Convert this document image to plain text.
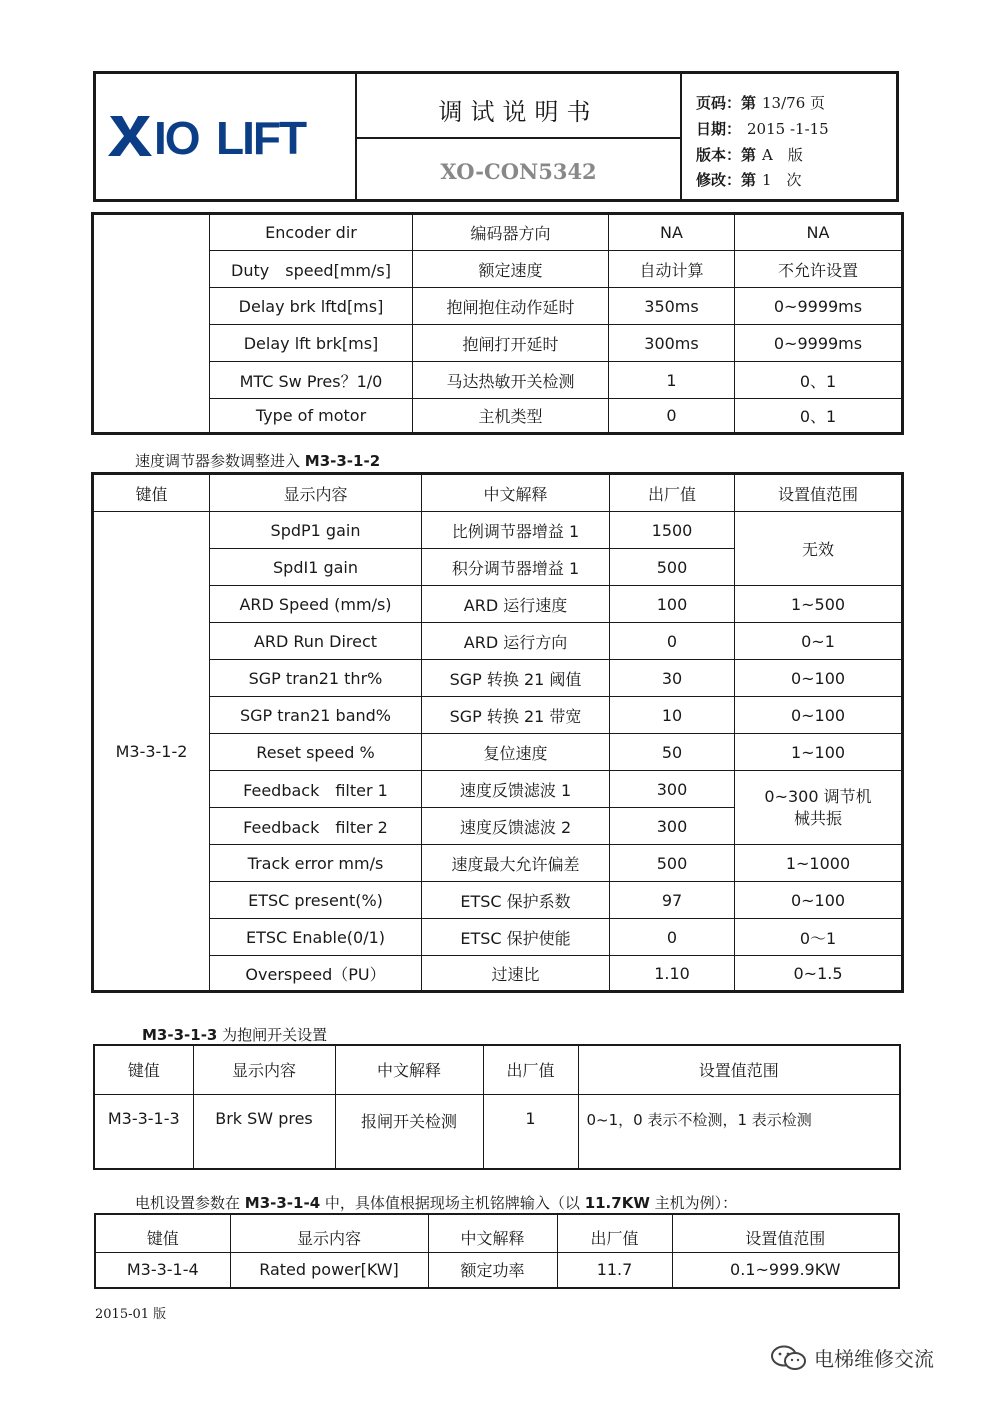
IO LIFT	调试说明书
XO-CON5342
页码：第 13/76 页
日期： 2015 -1-15
版本：第 A　版
修改：第 1　次
	Encoder dir	编码器方向	NA	NA
	Duty　speed[mm/s]	额定速度	自动计算	不允许设置
	Delay brk lftd[ms]	抱闸抱住动作延时	350ms	0~9999ms
	Delay lft brk[ms]	抱闸打开延时	300ms	0~9999ms
	MTC Sw Pres？1/0	马达热敏开关检测	1	0、1
	Type of motor	主机类型	0	0、1
速度调节器参数调整进入 M3-3-1-2
键值	显示内容	中文解释	出厂值	设置值范围
M3-3-1-2	SpdP1 gain	比例调节器增益 1	1500	无效
	SpdI1 gain	积分调节器增益 1	500	
	ARD Speed (mm/s)	ARD 运行速度	100	1~500
	ARD Run Direct	ARD 运行方向	0	0~1
	SGP tran21 thr%	SGP 转换 21 阈值	30	0~100
	SGP tran21 band%	SGP 转换 21 带宽	10	0~100
	Reset speed %	复位速度	50	1~100
	Feedback　filter 1	速度反馈滤波 1	300	0~300 调节机
械共振

	Feedback　filter 2	速度反馈滤波 2	300	
	Track error mm/s	速度最大允许偏差	500	1~1000
	ETSC present(%)	ETSC 保护系数	97	0~100
	ETSC Enable(0/1)	ETSC 保护使能	0	0～1
	Overspeed（PU）	过速比	1.10	0~1.5
M3-3-1-3 为抱闸开关设置
键值	显示内容	中文解释	出厂值	设置值范围
M3-3-1-3	Brk SW pres	报闸开关检测	1	0~1，0 表示不检测，1 表示检测
电机设置参数在 M3-3-1-4 中，具体值根据现场主机铭牌输入（以 11.7KW 主机为例）：
键值	显示内容	中文解释	出厂值	设置值范围
M3-3-1-4	Rated power[KW]	额定功率	11.7	0.1~999.9KW
2015-01 版
电梯维修交流
